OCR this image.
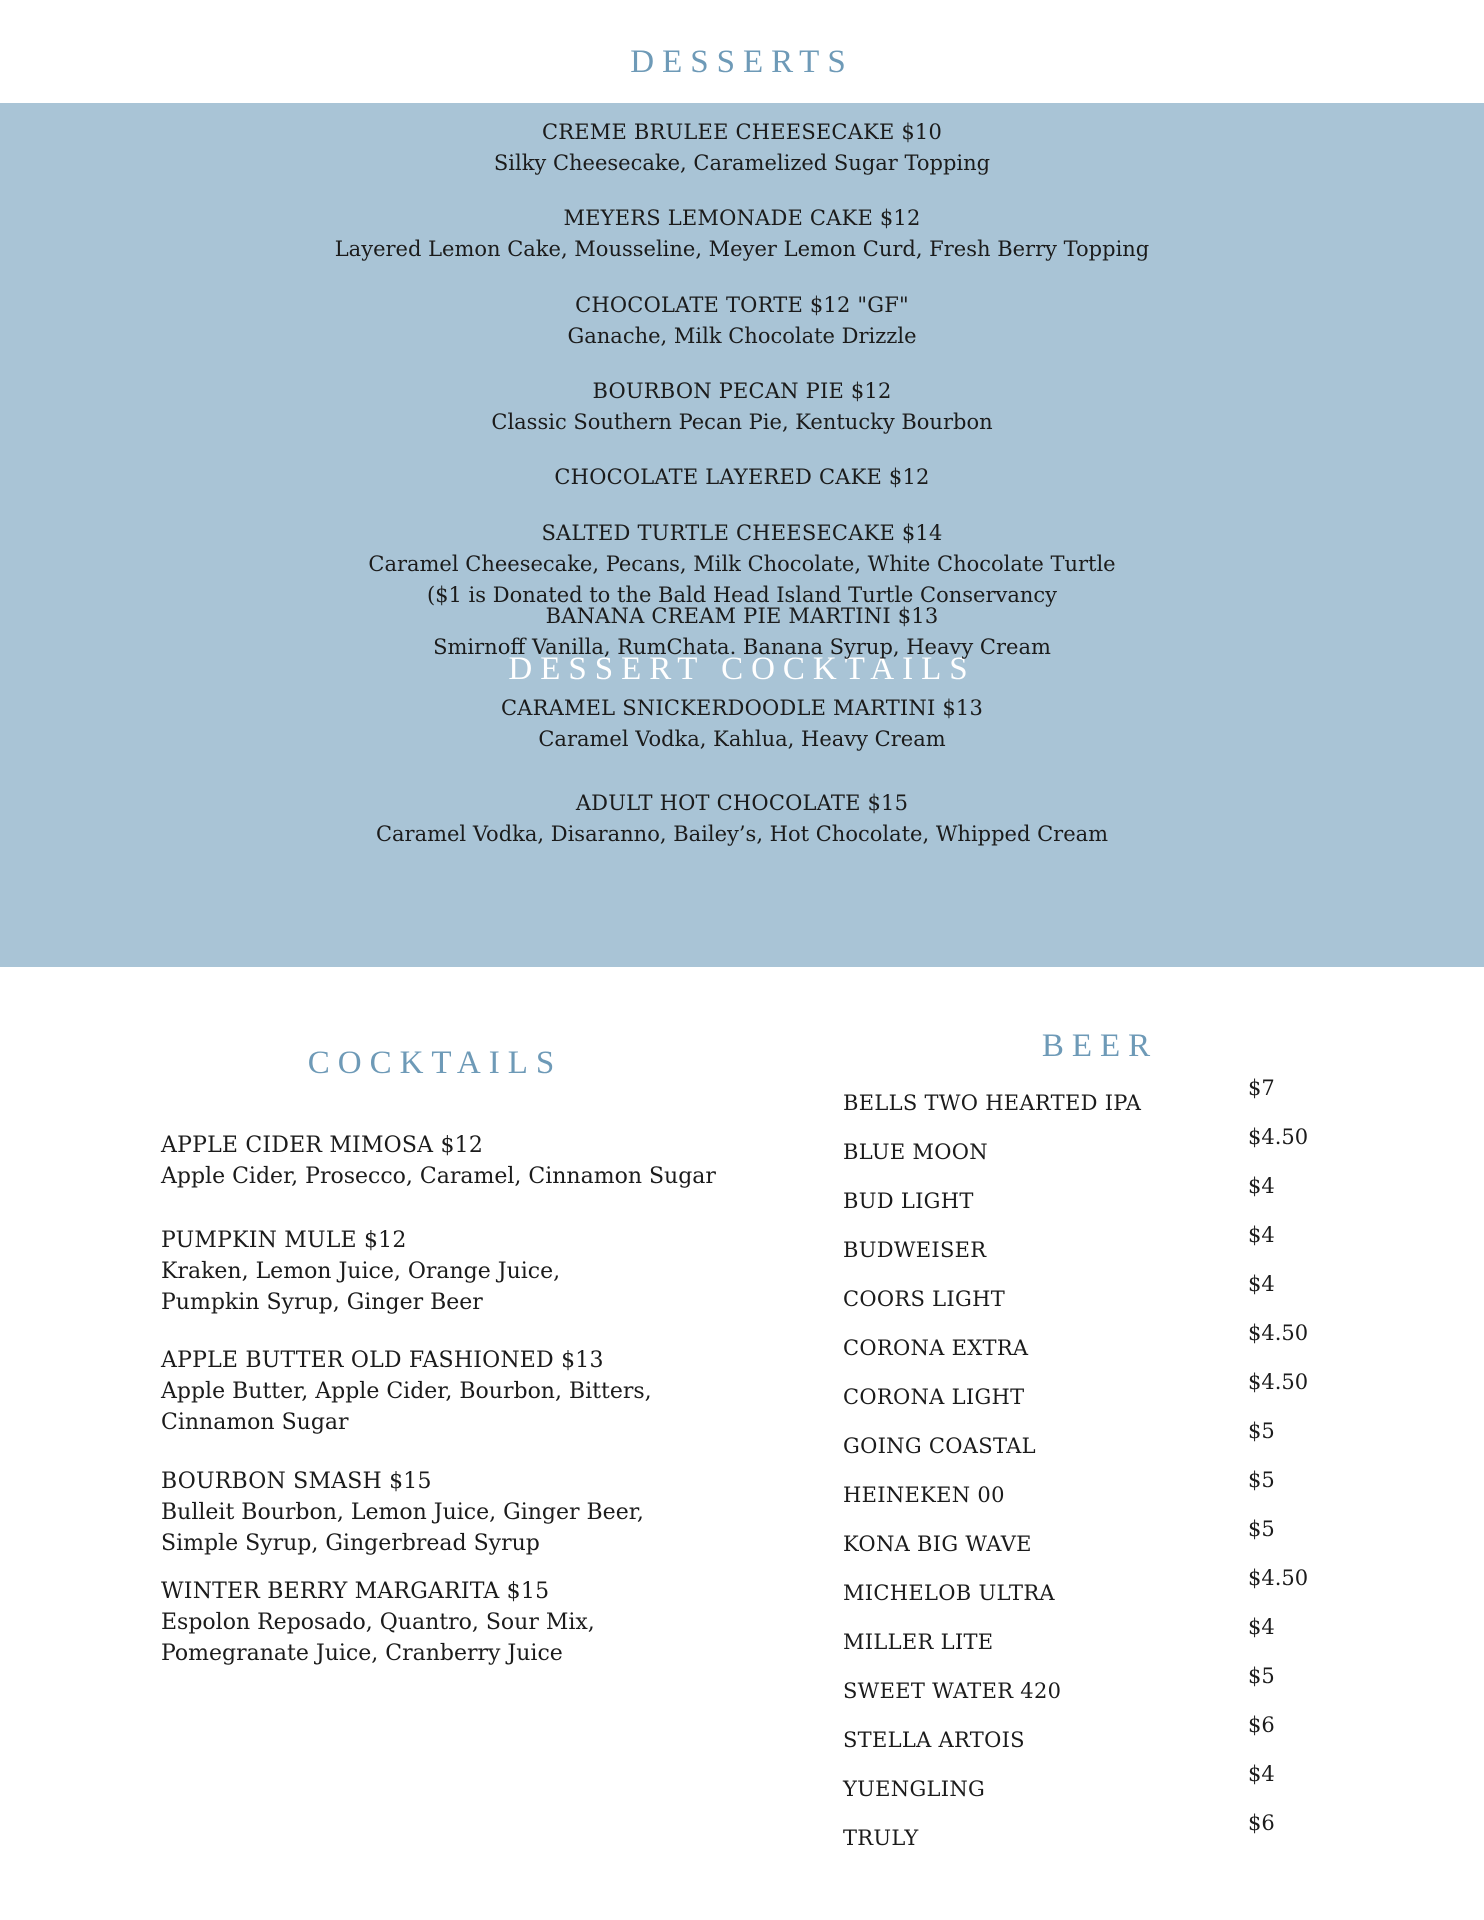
DESSERTS
CREME BRULEE CHEESECAKE $10
Silky Cheesecake, Caramelized Sugar Topping
MEYERS LEMONADE CAKE $12
Layered Lemon Cake, Mousseline, Meyer Lemon Curd, Fresh Berry Topping
CHOCOLATE TORTE $12 "GF"
Ganache, Milk Chocolate Drizzle
BOURBON PECAN PIE $12
Classic Southern Pecan Pie, Kentucky Bourbon
CHOCOLATE LAYERED CAKE $12
SALTED TURTLE CHEESECAKE $14
Caramel Cheesecake, Pecans, Milk Chocolate, White Chocolate Turtle
($1 is Donated to the Bald Head Island Turtle Conservancy
DESSERT COCKTAILS
BANANA CREAM PIE MARTINI $13
Smirnoff Vanilla, RumChata. Banana Syrup, Heavy Cream
CARAMEL SNICKERDOODLE MARTINI $13
Caramel Vodka, Kahlua, Heavy Cream
ADULT HOT CHOCOLATE $15
Caramel Vodka, Disaranno, Bailey’s, Hot Chocolate, Whipped Cream
COCKTAILS
APPLE CIDER MIMOSA $12
Apple Cider, Prosecco, Caramel, Cinnamon Sugar
PUMPKIN MULE $12
Kraken, Lemon Juice, Orange Juice,
Pumpkin Syrup, Ginger Beer
APPLE BUTTER OLD FASHIONED $13
Apple Butter, Apple Cider, Bourbon, Bitters,
Cinnamon Sugar
BOURBON SMASH $15
Bulleit Bourbon, Lemon Juice, Ginger Beer,
Simple Syrup, Gingerbread Syrup
WINTER BERRY MARGARITA $15
Espolon Reposado, Quantro, Sour Mix,
Pomegranate Juice, Cranberry Juice
BEER
BELLS TWO HEARTED IPA
$7
BLUE MOON
$4.50
BUD LIGHT
$4
BUDWEISER
$4
COORS LIGHT
$4
CORONA EXTRA
$4.50
CORONA LIGHT
$4.50
GOING COASTAL
$5
HEINEKEN 00
$5
KONA BIG WAVE
$5
MICHELOB ULTRA
$4.50
MILLER LITE
$4
SWEET WATER 420
$5
STELLA ARTOIS
$6
YUENGLING
$4
TRULY
$6
